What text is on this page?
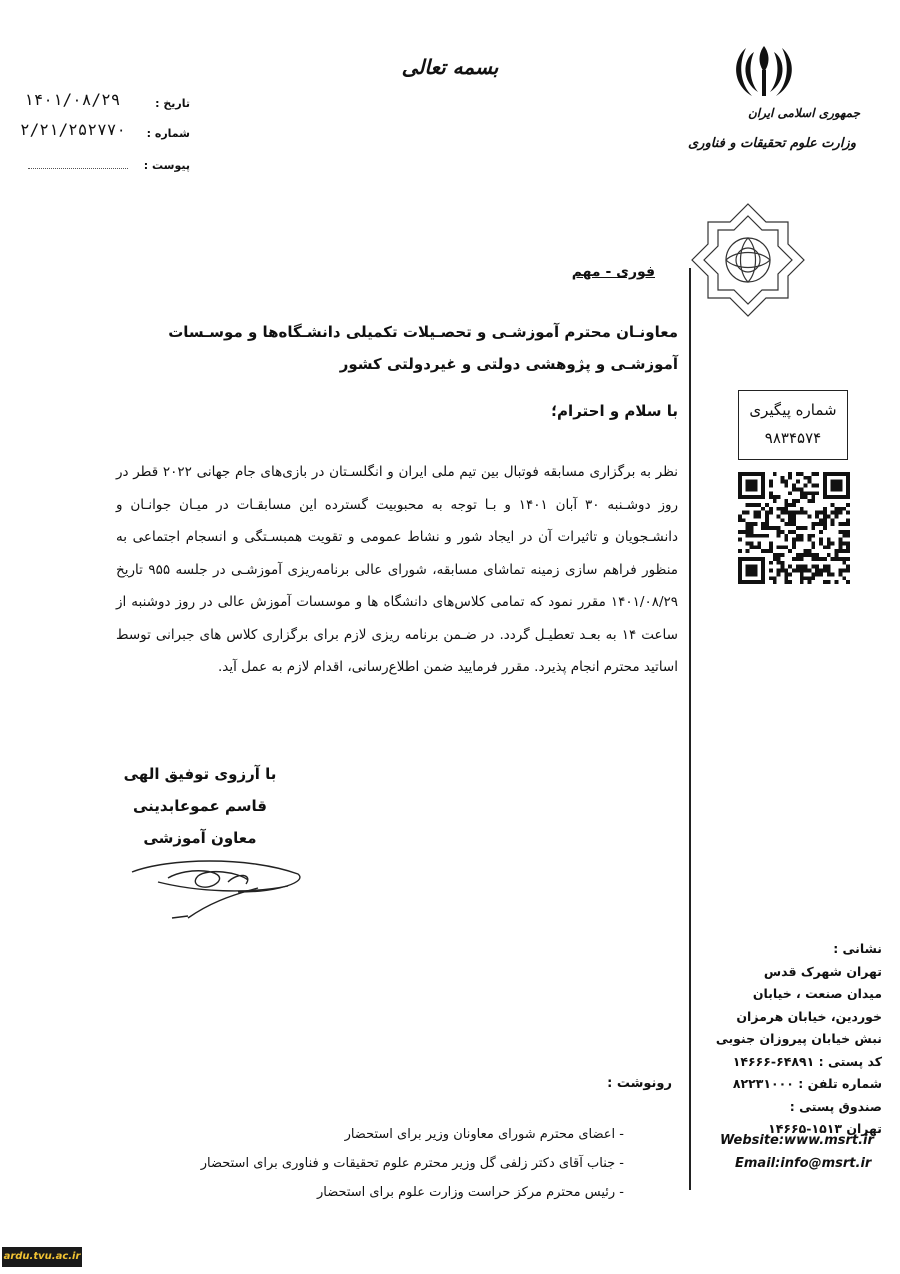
بسمه تعالی
تاریخ :
۱۴۰۱/۰۸/۲۹
شماره :
۲/۲۱/۲۵۲۷۷۰
پیوست :
جمهوری اسلامی ایران
وزارت علوم تحقیقات و فناوری
فوری - مهم
معاونـان محترم آموزشـی و تحصـیلات تکمیلی دانشـگاه‌ها و موسـسات آموزشـی و پژوهشی دولتی و غیردولتی کشور
با سلام و احترام؛
نظر به برگزاری مسابقه فوتبال بین تیم ملی ایران و انگلسـتان در بازی‌های جام جهانی ۲۰۲۲ قطر در روز دوشـنبه ۳۰ آبان ۱۴۰۱ و بـا توجه به محبوبیت گسترده این مسابقـات در میـان جوانـان و دانشـجویان و تاثیرات آن در ایجاد شور و نشاط عمومی و تقویت همبسـتگی و انسجام اجتماعی به منظور فراهم سازی زمینه تماشای مسابقه، شورای عالی برنامه‌ریزی آموزشـی در جلسه ۹۵۵ تاریخ ۱۴۰۱/۰۸/۲۹ مقرر نمود که تمامی کلاس‌های دانشگاه ها و موسسات آموزش عالی در روز دوشنبه از ساعت ۱۴ به بعـد تعطیـل گردد. در ضـمن برنامه ریزی لازم برای برگزاری کلاس های جبرانی توسط اساتید محترم انجام پذیرد. مقرر فرمایید ضمن اطلاع‌رسانی، اقدام لازم به عمل آید.
با آرزوی توفیق الهی
قاسم عموعابدینی
معاون آموزشی
رونوشت :
- اعضای محترم شورای معاونان وزیر برای استحضار
- جناب آقای دکتر زلفی گل وزیر محترم علوم تحقیقات و فناوری برای استحضار
- رئیس محترم مرکز حراست وزارت علوم برای استحضار
شماره پیگیری
۹۸۳۴۵۷۴
نشانی :
تهران شهرک قدس
میدان صنعت ، خیابان
خوردین، خیابان هرمزان
نبش خیابان پیروزان جنوبی
کد پستی : ۶۴۸۹۱-۱۴۶۶۶
شماره تلفن : ۸۲۲۳۱۰۰۰
صندوق پستی :
تهران ۱۵۱۳-۱۴۶۶۵
Website:www.msrt.ir
Email:info@msrt.ir
ardu.tvu.ac.ir
